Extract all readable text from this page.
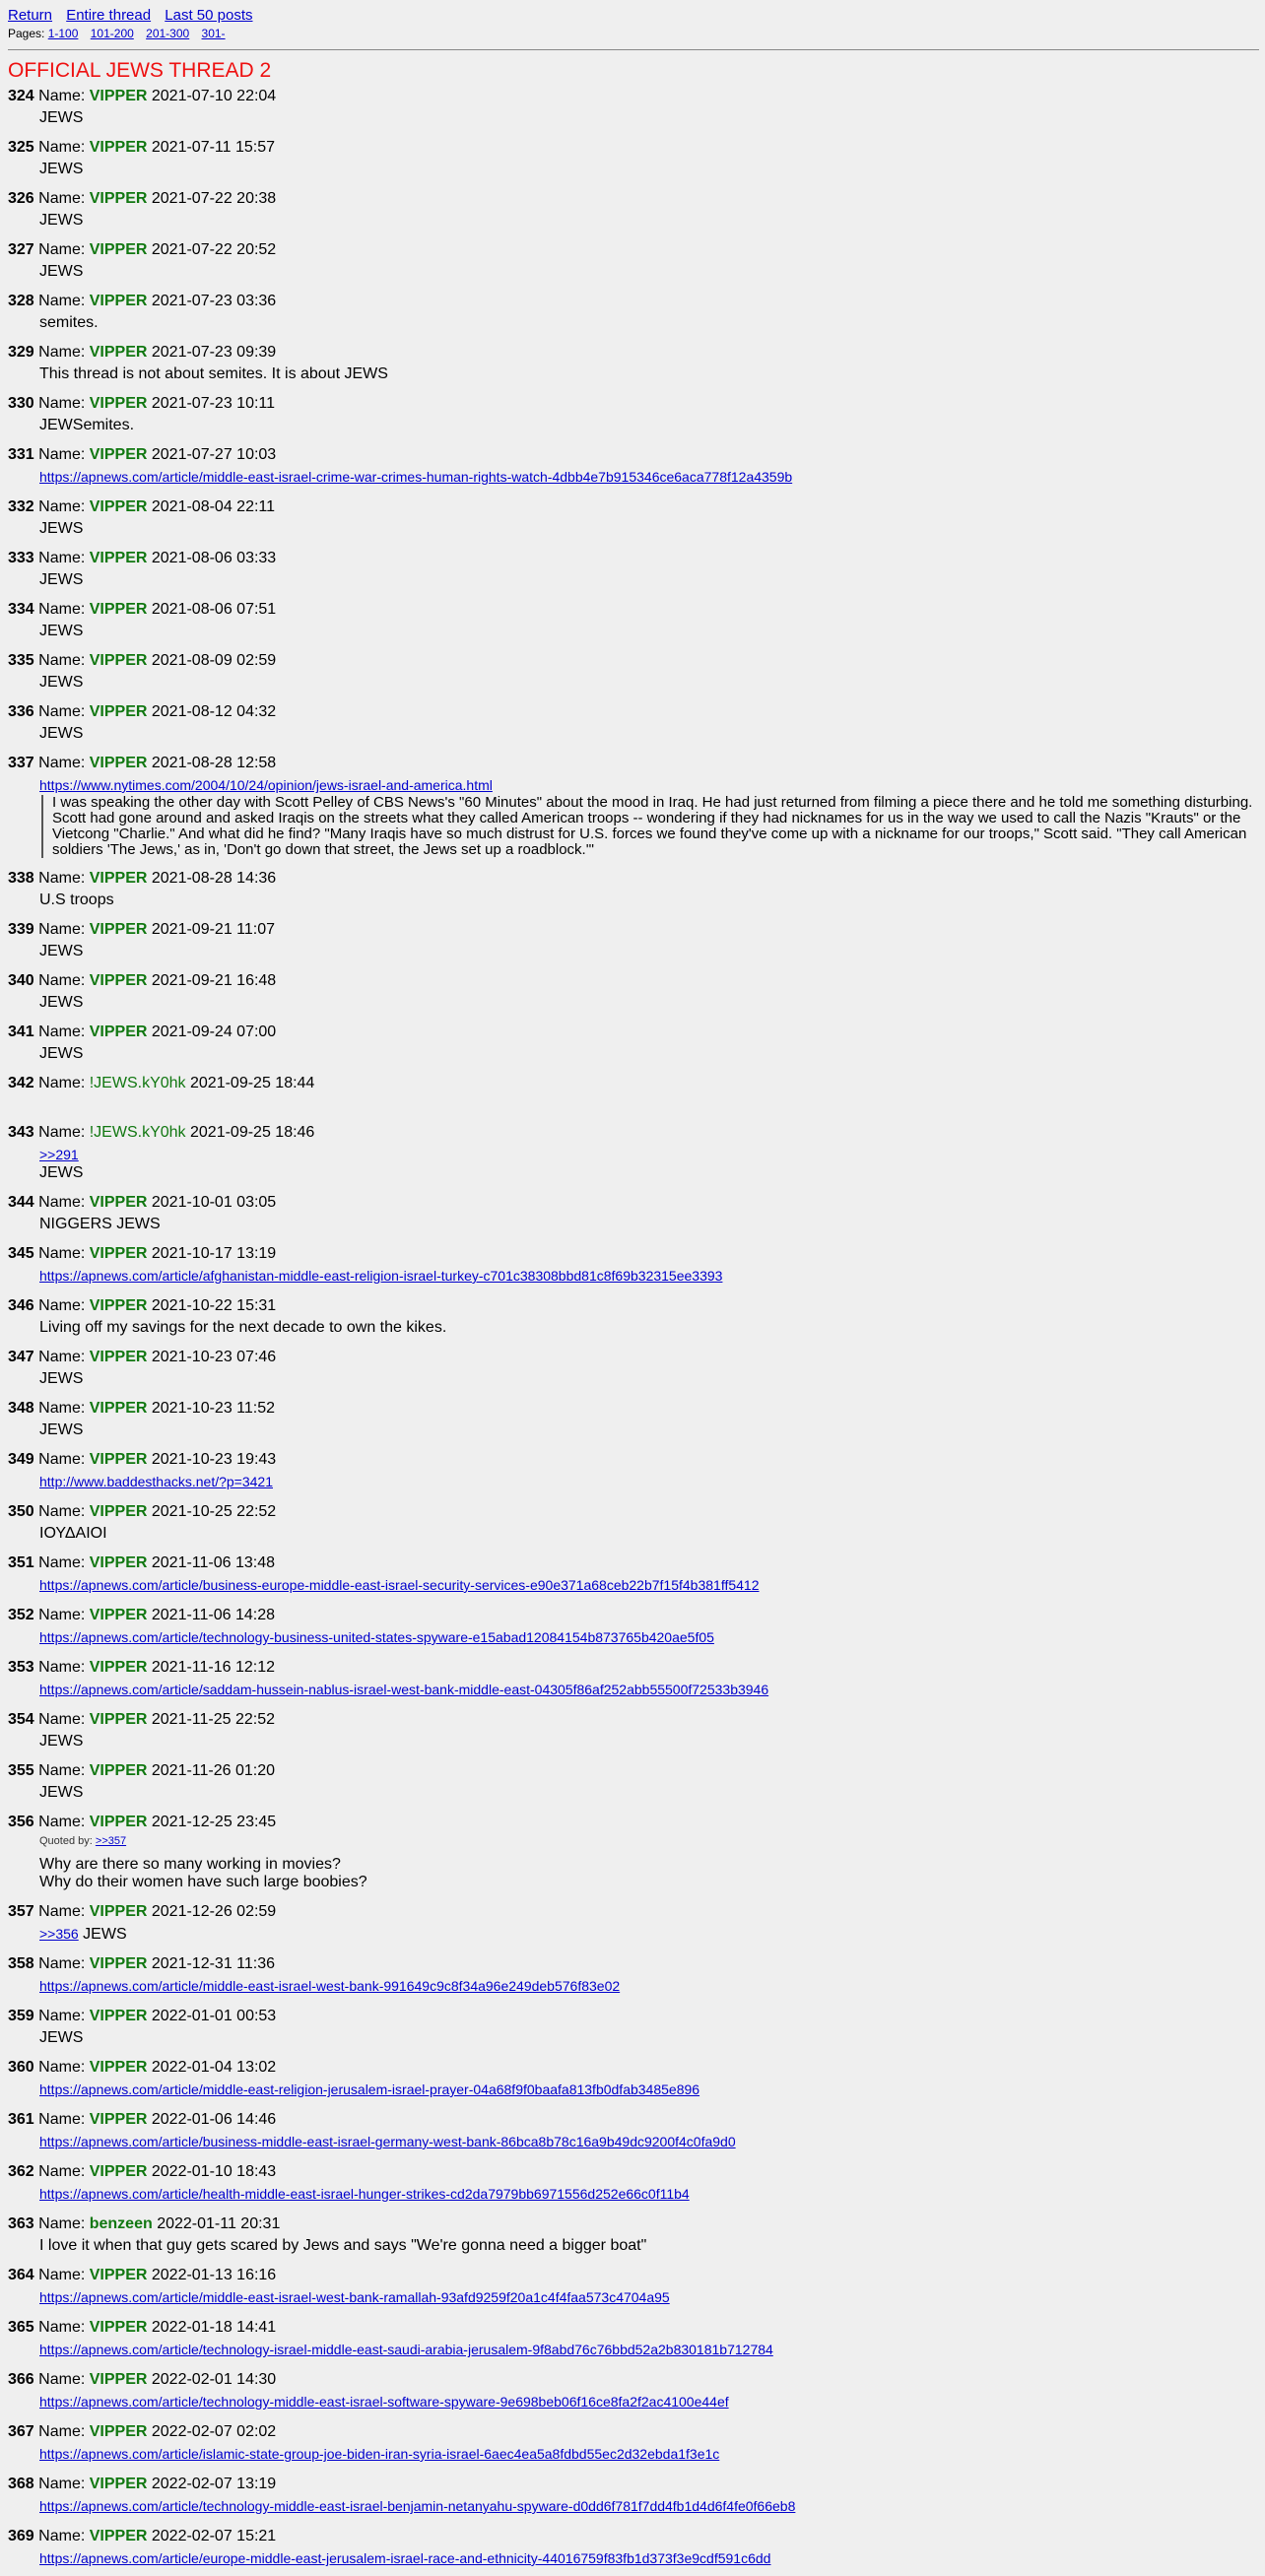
Return Entire thread Last 50 posts
Pages: 1-100 101-200 201-300 301-
OFFICIAL JEWS THREAD 2
324 Name: VIPPER 2021-07-10 22:04
JEWS
325 Name: VIPPER 2021-07-11 15:57
JEWS
326 Name: VIPPER 2021-07-22 20:38
JEWS
327 Name: VIPPER 2021-07-22 20:52
JEWS
328 Name: VIPPER 2021-07-23 03:36
semites.
329 Name: VIPPER 2021-07-23 09:39
This thread is not about semites. It is about JEWS
330 Name: VIPPER 2021-07-23 10:11
JEWSemites.
331 Name: VIPPER 2021-07-27 10:03
https://apnews.com/article/middle-east-israel-crime-war-crimes-human-rights-watch-4dbb4e7b915346ce6aca778f12a4359b
332 Name: VIPPER 2021-08-04 22:11
JEWS
333 Name: VIPPER 2021-08-06 03:33
JEWS
334 Name: VIPPER 2021-08-06 07:51
JEWS
335 Name: VIPPER 2021-08-09 02:59
JEWS
336 Name: VIPPER 2021-08-12 04:32
JEWS
337 Name: VIPPER 2021-08-28 12:58
https://www.nytimes.com/2004/10/24/opinion/jews-israel-and-america.html
I was speaking the other day with Scott Pelley of CBS News's "60 Minutes" about the mood in Iraq. He had just returned from filming a piece there and he told me something disturbing. Scott had gone around and asked Iraqis on the streets what they called American troops -- wondering if they had nicknames for us in the way we used to call the Nazis "Krauts" or the Vietcong "Charlie." And what did he find? "Many Iraqis have so much distrust for U.S. forces we found they've come up with a nickname for our troops," Scott said. "They call American soldiers 'The Jews,' as in, 'Don't go down that street, the Jews set up a roadblock.'"
338 Name: VIPPER 2021-08-28 14:36
U.S troops
339 Name: VIPPER 2021-09-21 11:07
JEWS
340 Name: VIPPER 2021-09-21 16:48
JEWS
341 Name: VIPPER 2021-09-24 07:00
JEWS
342 Name: !JEWS.kY0hk 2021-09-25 18:44
343 Name: !JEWS.kY0hk 2021-09-25 18:46
>>291
JEWS
344 Name: VIPPER 2021-10-01 03:05
NIGGERS JEWS
345 Name: VIPPER 2021-10-17 13:19
https://apnews.com/article/afghanistan-middle-east-religion-israel-turkey-c701c38308bbd81c8f69b32315ee3393
346 Name: VIPPER 2021-10-22 15:31
Living off my savings for the next decade to own the kikes.
347 Name: VIPPER 2021-10-23 07:46
JEWS
348 Name: VIPPER 2021-10-23 11:52
JEWS
349 Name: VIPPER 2021-10-23 19:43
http://www.baddesthacks.net/?p=3421
350 Name: VIPPER 2021-10-25 22:52
ΙΟΥΔΑΙΟΙ
351 Name: VIPPER 2021-11-06 13:48
https://apnews.com/article/business-europe-middle-east-israel-security-services-e90e371a68ceb22b7f15f4b381ff5412
352 Name: VIPPER 2021-11-06 14:28
https://apnews.com/article/technology-business-united-states-spyware-e15abad12084154b873765b420ae5f05
353 Name: VIPPER 2021-11-16 12:12
https://apnews.com/article/saddam-hussein-nablus-israel-west-bank-middle-east-04305f86af252abb55500f72533b3946
354 Name: VIPPER 2021-11-25 22:52
JEWS
355 Name: VIPPER 2021-11-26 01:20
JEWS
356 Name: VIPPER 2021-12-25 23:45
Quoted by: >>357
Why are there so many working in movies?
Why do their women have such large boobies?
357 Name: VIPPER 2021-12-26 02:59
>>356 JEWS
358 Name: VIPPER 2021-12-31 11:36
https://apnews.com/article/middle-east-israel-west-bank-991649c9c8f34a96e249deb576f83e02
359 Name: VIPPER 2022-01-01 00:53
JEWS
360 Name: VIPPER 2022-01-04 13:02
https://apnews.com/article/middle-east-religion-jerusalem-israel-prayer-04a68f9f0baafa813fb0dfab3485e896
361 Name: VIPPER 2022-01-06 14:46
https://apnews.com/article/business-middle-east-israel-germany-west-bank-86bca8b78c16a9b49dc9200f4c0fa9d0
362 Name: VIPPER 2022-01-10 18:43
https://apnews.com/article/health-middle-east-israel-hunger-strikes-cd2da7979bb6971556d252e66c0f11b4
363 Name: benzeen 2022-01-11 20:31
I love it when that guy gets scared by Jews and says "We're gonna need a bigger boat"
364 Name: VIPPER 2022-01-13 16:16
https://apnews.com/article/middle-east-israel-west-bank-ramallah-93afd9259f20a1c4f4faa573c4704a95
365 Name: VIPPER 2022-01-18 14:41
https://apnews.com/article/technology-israel-middle-east-saudi-arabia-jerusalem-9f8abd76c76bbd52a2b830181b712784
366 Name: VIPPER 2022-02-01 14:30
https://apnews.com/article/technology-middle-east-israel-software-spyware-9e698beb06f16ce8fa2f2ac4100e44ef
367 Name: VIPPER 2022-02-07 02:02
https://apnews.com/article/islamic-state-group-joe-biden-iran-syria-israel-6aec4ea5a8fdbd55ec2d32ebda1f3e1c
368 Name: VIPPER 2022-02-07 13:19
https://apnews.com/article/technology-middle-east-israel-benjamin-netanyahu-spyware-d0dd6f781f7dd4fb1d4d6f4fe0f66eb8
369 Name: VIPPER 2022-02-07 15:21
https://apnews.com/article/europe-middle-east-jerusalem-israel-race-and-ethnicity-44016759f83fb1d373f3e9cdf591c6dd
